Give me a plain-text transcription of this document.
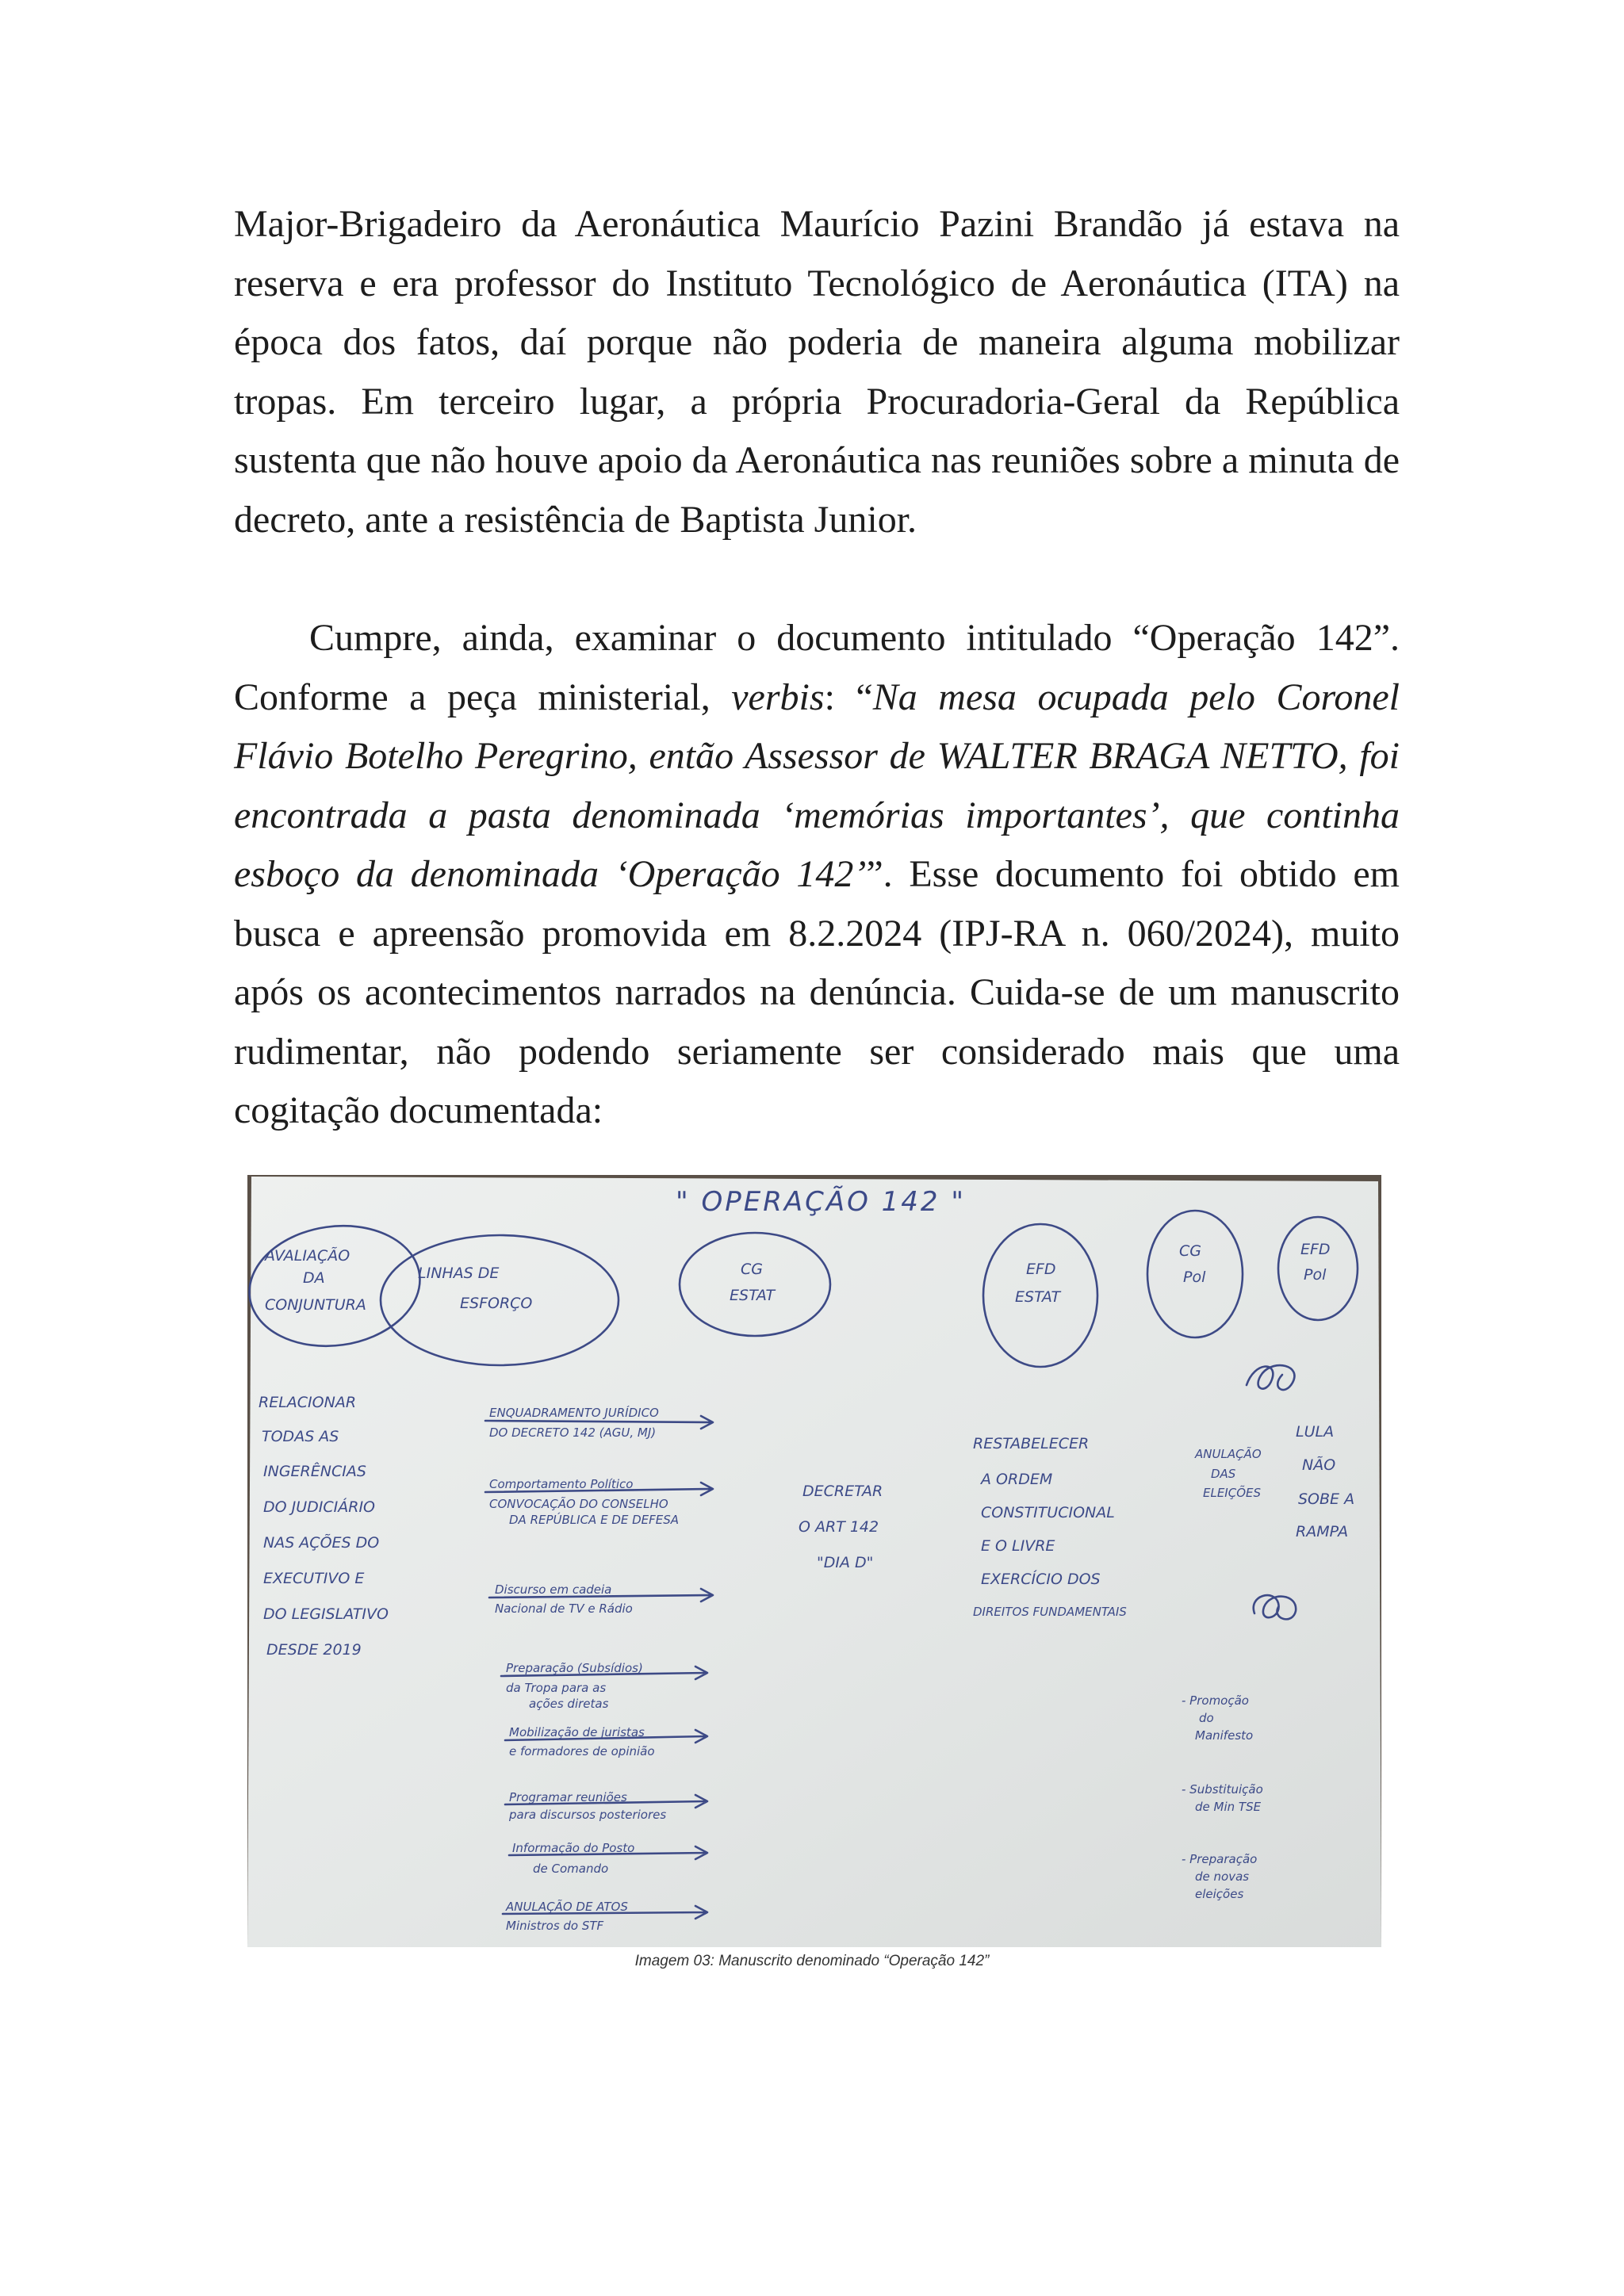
Major-Brigadeiro da Aeronáutica Maurício Pazini Brandão já estava na reserva e era professor do Instituto Tecnológico de Aeronáutica (ITA) na época dos fatos, daí porque não poderia de maneira alguma mobilizar tropas. Em terceiro lugar, a própria Procuradoria-Geral da República sustenta que não houve apoio da Aeronáutica nas reuniões sobre a minuta de decreto, ante a resistência de Baptista Junior.

Cumpre, ainda, examinar o documento intitulado “Operação 142”. Conforme a peça ministerial, verbis: “Na mesa ocupada pelo Coronel Flávio Botelho Peregrino, então Assessor de WALTER BRAGA NETTO, foi encontrada a pasta denominada ‘memórias importantes’, que continha esboço da denominada ‘Operação 142’”. Esse documento foi obtido em busca e apreensão promovida em 8.2.2024 (IPJ-RA n. 060/2024), muito após os acontecimentos narrados na denúncia. Cuida-se de um manuscrito rudimentar, não podendo seriamente ser considerado mais que uma cogitação documentada:

" OPERAÇÃO 142 "
AVALIAÇÃO
DA
CONJUNTURA
LINHAS DE
ESFORÇO
CG
ESTAT
EFD
ESTAT
CG
Pol
EFD
Pol
RELACIONAR
TODAS AS
INGERÊNCIAS
DO JUDICIÁRIO
NAS AÇÕES DO
EXECUTIVO E
DO LEGISLATIVO
DESDE 2019
ENQUADRAMENTO JURÍDICO
DO DECRETO 142 (AGU, MJ)
Comportamento Político
CONVOCAÇÃO DO CONSELHO
DA REPÚBLICA E DE DEFESA
Discurso em cadeia
Nacional de TV e Rádio
Preparação (Subsídios)
da Tropa para as
ações diretas
Mobilização de juristas
e formadores de opinião
Programar reuniões
para discursos posteriores
Informação do Posto
de Comando
ANULAÇÃO DE ATOS
Ministros do STF
DECRETAR
O ART 142
"DIA D"
RESTABELECER
A ORDEM
CONSTITUCIONAL
E O LIVRE
EXERCÍCIO DOS
DIREITOS FUNDAMENTAIS
ANULAÇÃO
DAS
ELEIÇÕES
LULA
NÃO
SOBE A
RAMPA
- Promoção
do
Manifesto
- Substituição
de Min TSE
- Preparação
de novas
eleições
Imagem 03: Manuscrito denominado “Operação 142”
